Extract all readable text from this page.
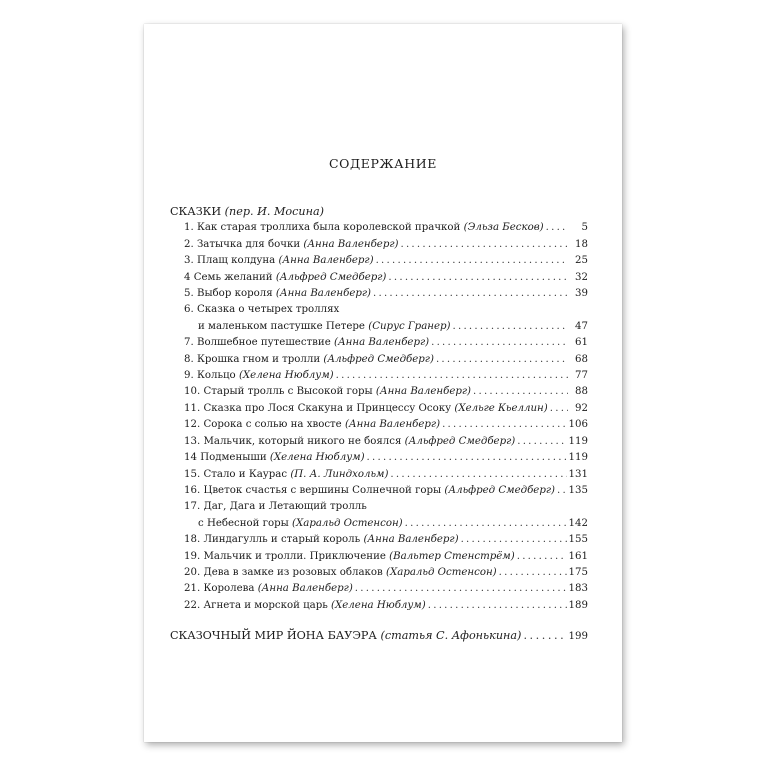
СОДЕРЖАНИЕ
СКАЗКИ (пер. И. Мосина)
1. Как старая троллиха была королевской прачкой (Эльза Бесков) . . .	5
2. Затычка для бочки (Анна Валенберг) . . .	18
3. Плащ колдуна (Анна Валенберг) . . .	25
4 Семь желаний (Альфред Смедберг) . . .	32
5. Выбор короля (Анна Валенберг) . . .	39
6. Сказка о четырех троллях
и маленьком пастушке Петере (Сирус Гранер) . . .	47
7. Волшебное путешествие (Анна Валенберг) . . .	61
8. Крошка гном и тролли (Альфред Смедберг) . . .	68
9. Кольцо (Хелена Нюблум) . . .	77
10. Старый тролль с Высокой горы (Анна Валенберг) . . .	88
11. Сказка про Лося Скакуна и Принцессу Осоку (Хельге Кьеллин) . . .	92
12. Сорока с солью на хвосте (Анна Валенберг) . . .	106
13. Мальчик, который никого не боялся (Альфред Смедберг) . . .	119
14 Подменыши (Хелена Нюблум) . . .	119
15. Стало и Каурас (П. А. Линдхольм) . . .	131
16. Цветок счастья с вершины Солнечной горы (Альфред Смедберг) . . . 135
17. Даг, Дага и Летающий тролль
с Небесной горы (Харальд Остенсон) . . .	142
18. Линдагулль и старый король (Анна Валенберг) . . .	155
19. Мальчик и тролли. Приключение (Вальтер Стенстрём) . . .	161
20. Дева в замке из розовых облаков (Харальд Остенсон) . . .	175
21. Королева (Анна Валенберг) . . .	183
22. Агнета и морской царь (Хелена Нюблум) . . .	189
СКАЗОЧНЫЙ МИР ЙОНА БАУЭРА (статья С. Афонькина) . . .	199
